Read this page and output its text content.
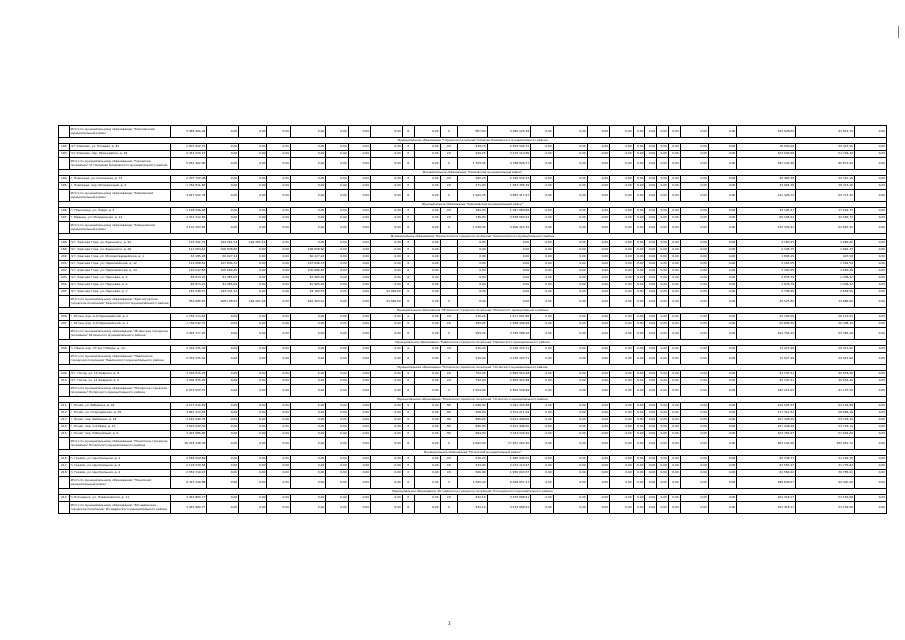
	Итого по муниципальному образованию "Клетнянский муниципальный район"	3 489 966,02	0,00	0,00	0,00	0,00	0,00	0,00	0,00	0	0,00	X	857,00	3 085 226,18	0,00	0,00	0,00	0,00	0,00	0,00	0,00	0,00	0,00	0,00	193 928,09	91 814,75	0,00
Муниципальное образование "Городское поселение" Климово Климовского муниципального района																											
182	пгт Климово, ул. Полевая, д. 81	2 607 932,72	0,00	0,00	0,00	0,00	0,00	0,00	0,00	0	0,00	СК	439,70	2 509 592,72	0,00	0,00	0,00	0,00	0,00	0,00	0,00	0,00	0,00	0,00	78 500,00	29 447,50	0,00
183	пгт Климово, пер. Микрорайон, д. 18	2 453 529,27	0,00	0,00	0,00	0,00	0,00	0,00	0,00	0	0,00	СК	920,25	2 279 114,85	0,00	0,00	0,00	0,00	0,00	0,00	0,00	0,00	0,00	0,00	103 006,98	51 704,44	0,00
	Итого по муниципальному образованию "Городское поселение" пгт Климово Климовского муниципального района	5 061 462,00	0,00	0,00	0,00	0,00	0,00	0,00	0,00	0	0,00	X	1 359,95	4 788 696,77	0,00	0,00	0,00	0,00	0,00	0,00	0,00	0,00	0,00	0,00	181 342,98	80 871,94	0,00
Муниципальное образование "Климовский муниципальный район"																											
184	с. Новоюрье, ул. Солнечная, д. 72	2 207 750,98	0,00	0,00	0,00	0,00	0,00	0,00	0,00	0	0,00	СК	560,25	2 180 532,33	0,00	0,00	0,00	0,00	0,00	0,00	0,00	0,00	0,00	0,00	49 483,28	34 341,19	0,00
185	с. Новоюрье, пер. Молодежный, д. 2	1 764 811,82	0,00	0,00	0,00	0,00	0,00	0,00	0,00	0	0,00	СК	471,00	1 683 385,39	0,00	0,00	0,00	0,00	0,00	0,00	0,00	0,00	0,00	0,00	32 665,36	28 472,16	0,00
	Итого по муниципальному образованию "Климовский муниципальный район"	4 047 552,78	0,00	0,00	0,00	0,00	0,00	0,00	0,00	0	0,00	X	1 002,25	3 865 417,67	0,00	0,00	0,00	0,00	0,00	0,00	0,00	0,00	0,00	0,00	121 426,74	60 713,32	0,00
Муниципальное образование "Клинцовский муниципальный район"																											
186	п. Новоселье, ул. Новая, д. 4	1 128 646,68	0,00	0,00	0,00	0,00	0,00	0,00	0,00	0	0,00	СК	282,00	1 067 889,68	0,00	0,00	0,00	0,00	0,00	0,00	0,00	0,00	0,00	0,00	34 185,47	17 092,73	0,00
187	г. Медынь, ул. Молодежная, д. 12	2 972 312,65	0,00	0,00	0,00	0,00	0,00	0,00	0,00	0	0,00	СК	736,00	2 838 560,44	0,00	0,00	0,00	0,00	0,00	0,00	0,00	0,00	0,00	0,00	89 168,44	44 584,72	0,00
	Итого по муниципальному образованию "Клинцовский муниципальный район"	4 101 303,65	0,00	0,00	0,00	0,00	0,00	0,00	0,00	0	0,00	X	1 018,00	3 906 415,32	0,00	0,00	0,00	0,00	0,00	0,00	0,00	0,00	0,00	0,00	123 334,91	61 667,45	0,00
Муниципальное образование "Красногорское городское поселение" Красногорского муниципального района																											
188	пгт. Красная Гора, ул. Буденного, д. 5а	170 391,76	164 261,24	164 261,24	0,00	0,00	0,00	0,00	0,00	0	0,00		0,00	0,00	0,00	0,00	0,00	0,00	0,00	0,00	0,00	0,00	0,00	0,00	3 160,91	3 080,62	0,00
189	пгт. Красная Гора, ул. Буденного, д. 28	111 654,31	106 838,60	0,00	0,00	108 838,60	0,00	0,00	0,00	0	0,00		0,00	0,00	0,00	0,00	0,00	0,00	0,00	0,00	0,00	0,00	0,00	0,00	2 346,75	1 681,33	0,00
200	пгт. Красная Гора, ул. Молодогвардейская, д. 1	63 185,98	60 227,24	0,00	0,00	60 227,24	0,00	0,00	0,00	0	0,00		0,00	0,00	0,00	0,00	0,00	0,00	0,00	0,00	0,00	0,00	0,00	0,00	1 895,19	947,59	0,00
201	пгт. Красная Гора, ул. Первомайская, д. 12	112 608,52	107 846,72	0,00	0,00	107 846,72	0,00	0,00	0,00	0	0,00		0,00	0,00	0,00	0,00	0,00	0,00	0,00	0,00	0,00	0,00	0,00	0,00	3 165,05	1 592,54	0,00
202	пгт. Красная Гора, ул. Первомайская, д. 14	110 022,88	105 686,65	0,00	0,00	105 686,65	0,00	0,00	0,00	0	0,00		0,00	0,00	0,00	0,00	0,00	0,00	0,00	0,00	0,00	0,00	0,00	0,00	3 300,95	1 650,48	0,00
203	пгт. Красная Гора, ул. Парковая, д. 3	89 874,97	81 985,00	0,00	0,00	81 985,00	0,00	0,00	0,00	0	0,00		0,00	0,00	0,00	0,00	0,00	0,00	0,00	0,00	0,00	0,00	0,00	0,00	2 876,79	1 438,32	0,00
204	пгт. Красная Гора, ул. Парковая, д. 5	89 874,97	81 985,00	0,00	0,00	81 985,00	0,00	0,00	0,00	0	0,00		0,00	0,00	0,00	0,00	0,00	0,00	0,00	0,00	0,00	0,00	0,00	0,00	2 876,79	1 438,32	0,00
205	пгт. Красная Гора, ул. Парковая, д. 7	181 548,75	163 231,12	0,00	0,00	18 184,52	0,00	0,00	34 046,60	0	0,00		0,00	0,00	0,00	0,00	0,00	0,00	0,00	0,00	0,00	0,00	0,00	0,00	3 706,69	2 659,55	0,00
	Итого по муниципальному образованию "Красногорское городское поселение" Красногорского муниципального района	952 686,92	908 198,54	164 261,24	0,00	691 363,10	0,00	0,00	34 046,60	0	0,00	X	0,00	0,00	0,00	0,00	0,00	0,00	0,00	0,00	0,00	0,00	0,00	0,00	29 575,82	14 886,66	0,00
Муниципальное образование "Мглинское городское поселение" Мглинского муниципального района																											
206	г. Мглин, пер. 2-й Первомайский, д. 2	1 756 174,83	0,00	0,00	0,00	0,00	0,00	0,00	0,00	0	0,00	СК	476,20	1 677 691,86	0,00	0,00	0,00	0,00	0,00	0,00	0,00	0,00	0,00	0,00	52 302,05	26 151,03	0,00
207	г. Мглин, пер. 2-й Первомайский, д. 1	1 736 542,37	0,00	0,00	0,00	0,00	0,00	0,00	0,00	0	0,00	СК	483,00	1 658 396,28	0,00	0,00	0,00	0,00	0,00	0,00	0,00	0,00	0,00	0,00	52 896,39	26 448,14	0,00
	Итого по муниципальному образованию "Мглинское городское поселение" Мглинского муниципального района	3 493 717,20	0,00	0,00	0,00	0,00	0,00	0,00	0,00	0	0,00	X	959,20	3 336 088,16	0,00	0,00	0,00	0,00	0,00	0,00	0,00	0,00	0,00	0,00	104 765,42	52 383,18	0,00
Муниципальное образование "Навлинское городское поселение" Навлинского муниципального района																											
208	п. Навля, пер. 70 лет Победы, д. 1А	2 334 235,36	0,00	0,00	0,00	0,00	0,00	0,00	0,00	0	0,00	СК	570,00	2 226 193,71	0,00	0,00	0,00	0,00	0,00	0,00	0,00	0,00	0,00	0,00	73 027,99	29 013,66	0,00
	Итого по муниципальному образованию "Навлинское городское поселение" Навлинского муниципального района	2 334 235,36	0,00	0,00	0,00	0,00	0,00	0,00	0,00	0	0,00	X	570,00	2 226 193,71	0,00	0,00	0,00	0,00	0,00	0,00	0,00	0,00	0,00	0,00	73 027,99	29 013,66	0,00
Муниципальное образование "Погарское городское поселение" Погарского муниципального района																											
209	пгт. Погар, ул. 14 Февраля, д. 8	3 036 615,76	0,00	0,00	0,00	0,00	0,00	0,00	0,00	0	0,00	СК	752,00	2 895 954,48	0,00	0,00	0,00	0,00	0,00	0,00	0,00	0,00	0,00	0,00	91 107,51	49 553,46	0,00
210	пгт. Погар, ул. 14 Февраля, д. 6	3 036 935,20	0,00	0,00	0,00	0,00	0,00	0,00	0,00	0	0,00	СК	752,00	2 895 954,48	0,00	0,00	0,00	0,00	0,00	0,00	0,00	0,00	0,00	0,00	91 107,51	49 553,46	0,00
	Итого по муниципальному образованию "Погарское городское поселение" Погарского муниципального района	6 073 550,70	0,00	0,00	0,00	0,00	0,00	0,00	0,00	0	0,00	X	1 504,00	5 802 528,99	0,00	0,00	0,00	0,00	0,00	0,00	0,00	0,00	0,00	0,00	182 215,02	91 107,50	0,00
Муниципальное образование "Почепское городское поселение" Почепского муниципального района																											
211	г. Почеп, ул. Бабакина, д. 42	4 277 016,59	0,00	0,00	0,00	0,00	0,00	0,00	0,00	0	0,00	ПК	1 080,00	4 061 305,88	0,00	0,00	0,00	0,00	0,00	0,00	0,00	0,00	0,00	0,00	129 505,33	64 102,88	0,00
212	г. Почеп, ул. Стародубская, д. 25	3 887 310,83	0,00	0,00	0,00	0,00	0,00	0,00	0,00	0	0,00	ПК	958,00	3 701 211,64	0,00	0,00	0,00	0,00	0,00	0,00	0,00	0,00	0,00	0,00	117 312,32	58 666,16	0,00
213	г. Почеп, пер. Бабакина, д. 18	3 591 090,78	0,00	0,00	0,00	0,00	0,00	0,00	0,00	0	0,00	ПК	890,00	3 421 496,00	0,00	0,00	0,00	0,00	0,00	0,00	0,00	0,00	0,00	0,00	107 448,26	53 724,14	0,00
214	г. Почеп, пер. 1-й Мира, д. 1А	3 591 090,32	0,00	0,00	0,00	0,00	0,00	0,00	0,00	0	0,00	ПК	890,00	3 421 496,00	0,00	0,00	0,00	0,00	0,00	0,00	0,00	0,00	0,00	0,00	107 448,26	53 724,14	0,00
215	г. Почеп, пер. Юбилейный, д. 6	3 497 586,05	0,00	0,00	0,00	0,00	0,00	0,00	0,00	0	0,00	ПК	864,00	3 343 030,20	0,00	0,00	0,00	0,00	0,00	0,00	0,00	0,00	0,00	0,00	103 783,27	51 002,65	0,00
	Итого по муниципальному образованию "Почепское городское поселение" Почепского муниципального района	18 303 448,39	0,00	0,00	0,00	0,00	0,00	0,00	0,00	0	0,00	X	4 692,00	17 467 262,20	0,00	0,00	0,00	0,00	0,00	0,00	0,00	0,00	0,00	0,00	564 103,46	282 051,72	0,00
Муниципальное образование "Почепский муниципальный район"																											
216	п. Гремяч, ул. Центральная, д. 2	2 084 659,84	0,00	0,00	0,00	0,00	0,00	0,00	0,00	0	0,00	СК	516,20	1 980 946,70	0,00	0,00	0,00	0,00	0,00	0,00	0,00	0,00	0,00	0,00	62 338,77	31 169,39	0,00
217	п. Гремяч, ул. Центральная, д. 6	2 118 539,58	0,00	0,00	0,00	0,00	0,00	0,00	0,00	0	0,00	СК	524,00	2 014 113,67	0,00	0,00	0,00	0,00	0,00	0,00	0,00	0,00	0,00	0,00	63 555,27	31 776,63	0,00
218	п. Гремяч, ул. Центральная, д. 4	2 052 310,23	0,00	0,00	0,00	0,00	0,00	0,00	0,00	0	0,00	СК	506,00	1 950 003,57	0,00	0,00	0,00	0,00	0,00	0,00	0,00	0,00	0,00	0,00	61 569,22	30 785,61	0,00
	Итого по муниципальному образованию "Почепский муниципальный район"	6 321 418,88	0,00	0,00	0,00	0,00	0,00	0,00	0,00	0	0,00	X	1 565,20	6 008 057,17	0,00	0,00	0,00	0,00	0,00	0,00	0,00	0,00	0,00	0,00	188 840,57	94 320,26	0,00
Муниципальное образование "Рогнединское городское поселение" Рогнединского муниципального района																											
219	п. Рогнедино, ул. Первомайская, д. 11	3 467 860,77	0,00	0,00	0,00	0,00	0,00	0,00	0,00	0	0,00	СК	832,10	3 233 688,51	0,00	0,00	0,00	0,00	0,00	0,00	0,00	0,00	0,00	0,00	102 318,17	51 159,08	0,00
	Итого по муниципальному образованию "Рогнединское городское поселение" Рогнединского муниципального района	3 467 860,77	0,00	0,00	0,00	0,00	0,00	0,00	0,00	0	0,00	X	832,10	3 233 688,51	0,00	0,00	0,00	0,00	0,00	0,00	0,00	0,00	0,00	0,00	102 318,17	51 159,08	0,00
3
